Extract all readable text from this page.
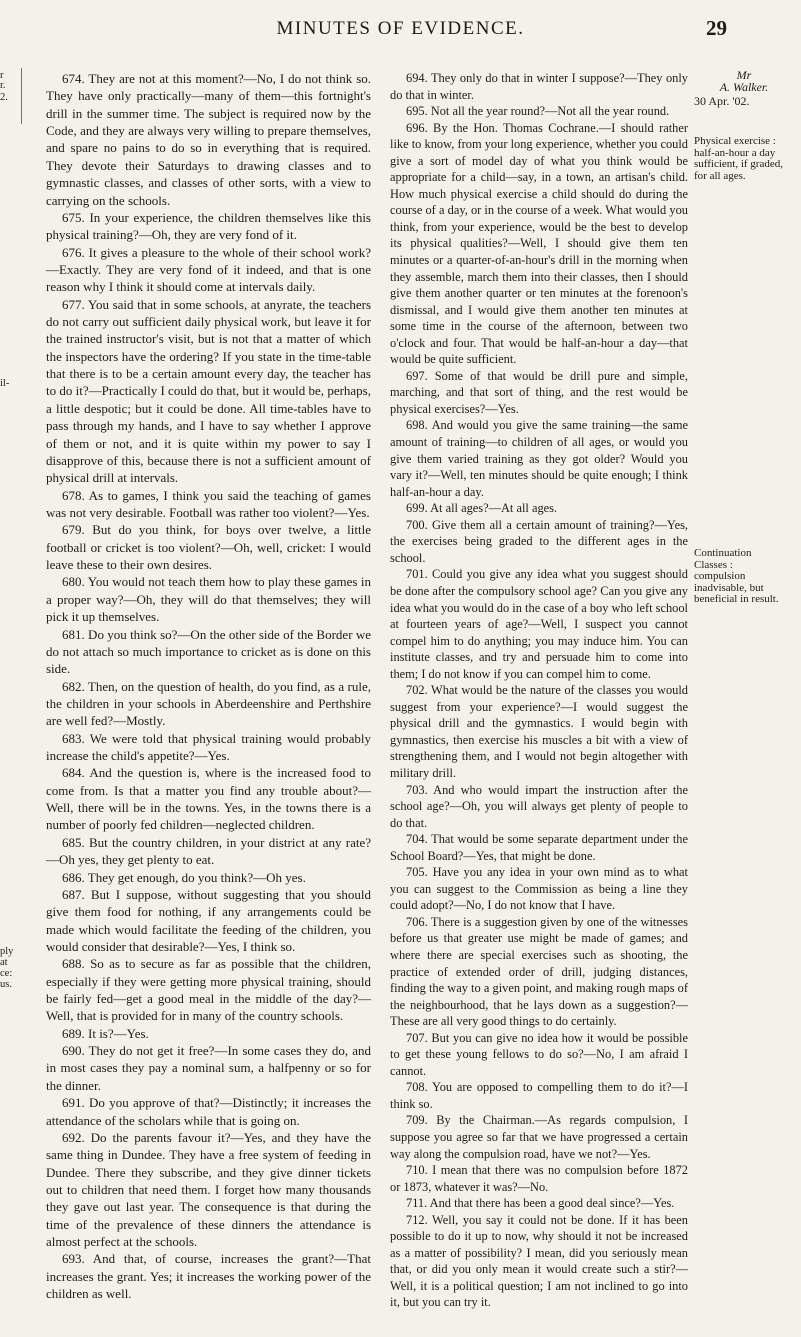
MINUTES OF EVIDENCE.	29
r
r.
2.
il-
ply
at
ce:
us.

674. They are not at this moment?—No, I do not think so. They have only practically—many of them—this fortnight's drill in the summer time. The subject is required now by the Code, and they are always very willing to prepare themselves, and spare no pains to do so in everything that is required. They devote their Saturdays to drawing classes and to gymnastic classes, and classes of other sorts, with a view to carrying on the schools.

675. In your experience, the children themselves like this physical training?—Oh, they are very fond of it.

676. It gives a pleasure to the whole of their school work?—Exactly. They are very fond of it indeed, and that is one reason why I think it should come at intervals daily.

677. You said that in some schools, at anyrate, the teachers do not carry out sufficient daily physical work, but leave it for the trained instructor's visit, but is not that a matter of which the inspectors have the ordering? If you state in the time-table that there is to be a certain amount every day, the teacher has to do it?—Practically I could do that, but it would be, perhaps, a little despotic; but it could be done. All time-tables have to pass through my hands, and I have to say whether I approve of them or not, and it is quite within my power to say I disapprove of this, because there is not a sufficient amount of physical drill at intervals.

678. As to games, I think you said the teaching of games was not very desirable. Football was rather too violent?—Yes.

679. But do you think, for boys over twelve, a little football or cricket is too violent?—Oh, well, cricket: I would leave these to their own desires.

680. You would not teach them how to play these games in a proper way?—Oh, they will do that themselves; they will pick it up themselves.

681. Do you think so?—On the other side of the Border we do not attach so much importance to cricket as is done on this side.

682. Then, on the question of health, do you find, as a rule, the children in your schools in Aberdeenshire and Perthshire are well fed?—Mostly.

683. We were told that physical training would probably increase the child's appetite?—Yes.

684. And the question is, where is the increased food to come from. Is that a matter you find any trouble about?—Well, there will be in the towns. Yes, in the towns there is a number of poorly fed children—neglected children.

685. But the country children, in your district at any rate?—Oh yes, they get plenty to eat.

686. They get enough, do you think?—Oh yes.

687. But I suppose, without suggesting that you should give them food for nothing, if any arrangements could be made which would facilitate the feeding of the children, you would consider that desirable?—Yes, I think so.

688. So as to secure as far as possible that the children, especially if they were getting more physical training, should be fairly fed—get a good meal in the middle of the day?—Well, that is provided for in many of the country schools.

689. It is?—Yes.

690. They do not get it free?—In some cases they do, and in most cases they pay a nominal sum, a halfpenny or so for the dinner.

691. Do you approve of that?—Distinctly; it increases the attendance of the scholars while that is going on.

692. Do the parents favour it?—Yes, and they have the same thing in Dundee. They have a free system of feeding in Dundee. There they subscribe, and they give dinner tickets out to children that need them. I forget how many thousands they gave out last year. The consequence is that during the time of the prevalence of these dinners the attendance is almost perfect at the schools.

693. And that, of course, increases the grant?—That increases the grant. Yes; it increases the working power of the children as well.

694. They only do that in winter I suppose?—They only do that in winter.

695. Not all the year round?—Not all the year round.

696. By the Hon. Thomas Cochrane.—I should rather like to know, from your long experience, whether you could give a sort of model day of what you think would be appropriate for a child—say, in a town, an artisan's child. How much physical exercise a child should do during the course of a day, or in the course of a week. What would you think, from your experience, would be the best to develop its physical qualities?—Well, I should give them ten minutes or a quarter-of-an-hour's drill in the morning when they assemble, march them into their classes, then I should give them another quarter or ten minutes at the forenoon's dismissal, and I would give them another ten minutes at some time in the course of the afternoon, between two o'clock and four. That would be half-an-hour a day—that would be quite sufficient.

697. Some of that would be drill pure and simple, marching, and that sort of thing, and the rest would be physical exercises?—Yes.

698. And would you give the same training—the same amount of training—to children of all ages, or would you give them varied training as they got older? Would you vary it?—Well, ten minutes should be quite enough; I think half-an-hour a day.

699. At all ages?—At all ages.

700. Give them all a certain amount of training?—Yes, the exercises being graded to the different ages in the school.

701. Could you give any idea what you suggest should be done after the compulsory school age? Can you give any idea what you would do in the case of a boy who left school at fourteen years of age?—Well, I suspect you cannot compel him to do anything; you may induce him. You can institute classes, and try and persuade him to come into them; I do not know if you can compel him to come.

702. What would be the nature of the classes you would suggest from your experience?—I would suggest the physical drill and the gymnastics. I would begin with gymnastics, then exercise his muscles a bit with a view of strengthening them, and I would not begin altogether with military drill.

703. And who would impart the instruction after the school age?—Oh, you will always get plenty of people to do that.

704. That would be some separate department under the School Board?—Yes, that might be done.

705. Have you any idea in your own mind as to what you can suggest to the Commission as being a line they could adopt?—No, I do not know that I have.

706. There is a suggestion given by one of the witnesses before us that greater use might be made of games; and where there are special exercises such as shooting, the practice of extended order of drill, judging distances, finding the way to a given point, and making rough maps of the neighbourhood, that he lays down as a suggestion?—These are all very good things to do certainly.

707. But you can give no idea how it would be possible to get these young fellows to do so?—No, I am afraid I cannot.

708. You are opposed to compelling them to do it?—I think so.

709. By the Chairman.—As regards compulsion, I suppose you agree so far that we have progressed a certain way along the compulsion road, have we not?—Yes.

710. I mean that there was no compulsion before 1872 or 1873, whatever it was?—No.

711. And that there has been a good deal since?—Yes.

712. Well, you say it could not be done. If it has been possible to do it up to now, why should it not be increased as a matter of possibility? I mean, did you seriously mean that, or did you only mean it would create such a stir?—Well, it is a political question; I am not inclined to go into it, but you can try it.

Mr
A. Walker.
30 Apr. '02.
Physical exercise : half-an-hour a day sufficient, if graded, for all ages.
Continuation Classes : compulsion inadvisable, but beneficial in result.
